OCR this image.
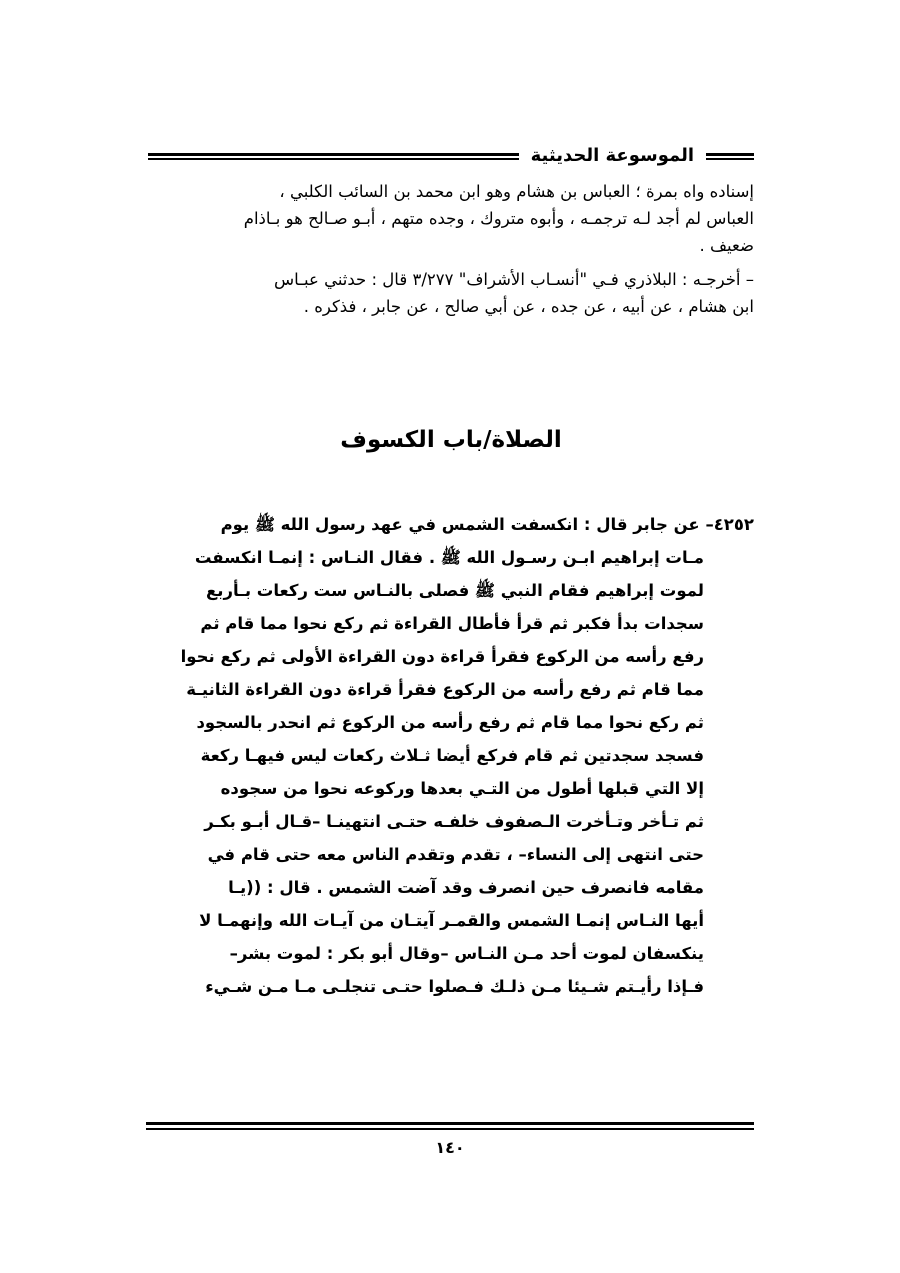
الموسوعة الحديثية
إسناده واه بمرة ؛ العباس بن هشام وهو ابن محمد بن السائب الكلبي ،
العباس لم أجد لـه ترجمـه ، وأبوه متروك ، وجده متهم ، أبـو صـالح هو بـاذام
ضعيف .
– أخرجـه : البلاذري فـي "أنسـاب الأشراف" ٣/٢٧٧ قال : حدثني عبـاس
ابن هشام ، عن أبيه ، عن جده ، عن أبي صالح ، عن جابر ، فذكره .
الصلاة/باب الكسوف
٤٢٥٢– عن جابر قال : انكسفت الشمس في عهد رسول الله ﷺ يوم
مـات إبراهيم ابـن رسـول الله ﷺ . فقال النـاس : إنمـا انكسفت
لموت إبراهيم فقام النبي ﷺ فصلى بالنـاس ست ركعات بـأربع
سجدات بدأ فكبر ثم قرأ فأطال القراءة ثم ركع نحوا مما قام ثم
رفع رأسه من الركوع فقرأ قراءة دون القراءة الأولى ثم ركع نحوا
مما قام ثم رفع رأسه من الركوع فقرأ قراءة دون القراءة الثانيـة
ثم ركع نحوا مما قام ثم رفع رأسه من الركوع ثم انحدر بالسجود
فسجد سجدتين ثم قام فركع أيضا ثـلاث ركعات ليس فيهـا ركعة
إلا التي قبلها أطول من التـي بعدها وركوعه نحوا من سجوده
ثم تـأخر وتـأخرت الـصفوف خلفـه حتـى انتهينـا –قـال أبـو بكـر
حتى انتهى إلى النساء– ، تقدم وتقدم الناس معه حتى قام في
مقامه فانصرف حين انصرف وقد آضت الشمس . قال : ((يـا
أيها النـاس إنمـا الشمس والقمـر آيتـان من آيـات الله وإنهمـا لا
ينكسفان لموت أحد مـن النـاس –وقال أبو بكر : لموت بشر–
فـإذا رأيـتم شـيئا مـن ذلـك فـصلوا حتـى تنجلـى مـا مـن شـيء
١٤٠
